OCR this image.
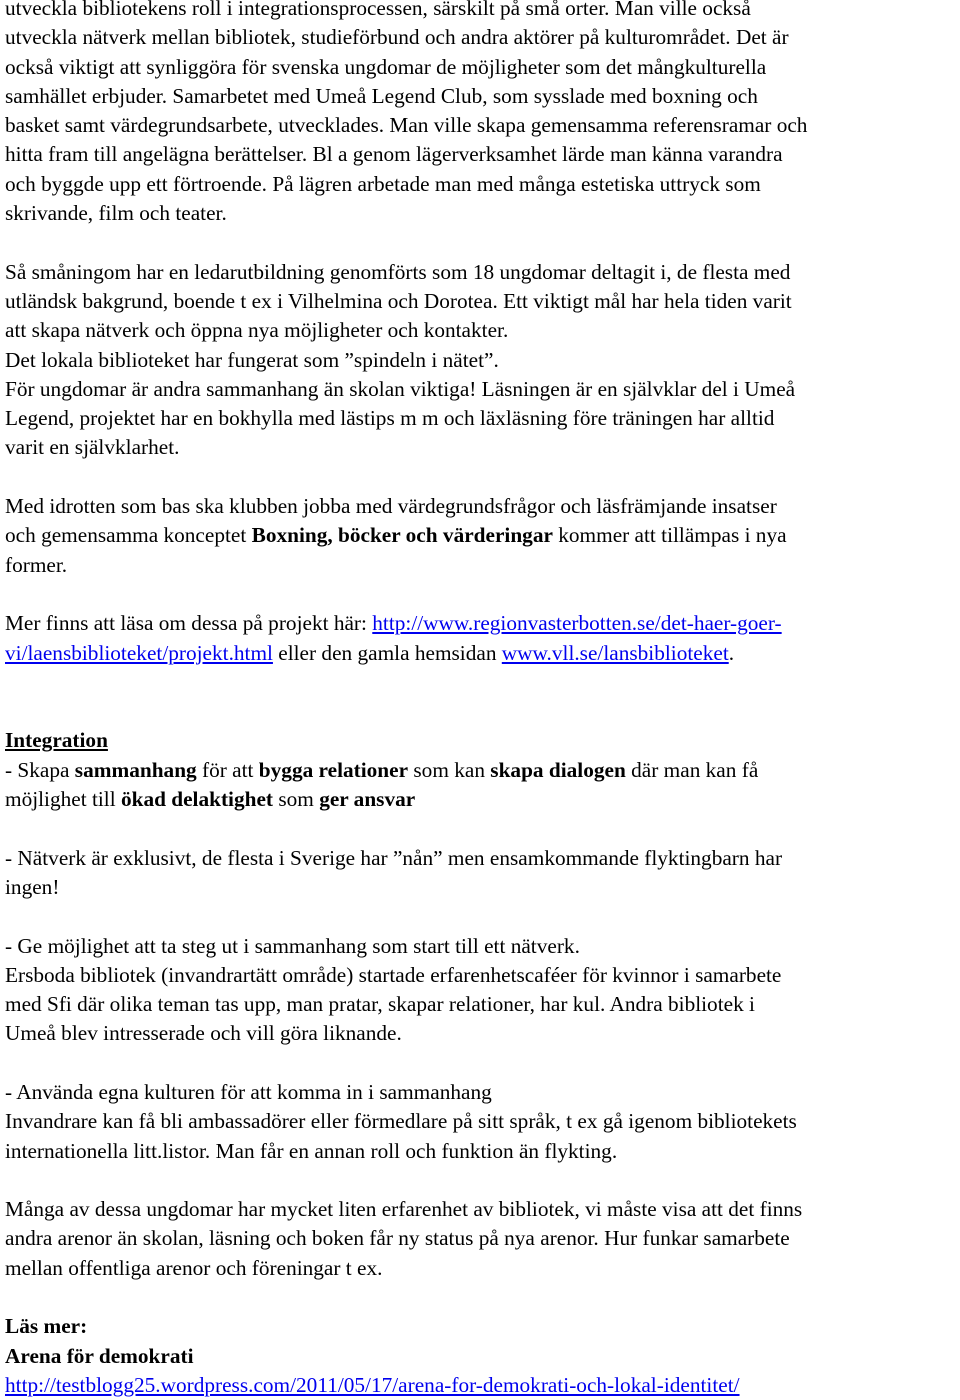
utveckla bibliotekens roll i integrationsprocessen, särskilt på små orter. Man ville också
utveckla nätverk mellan bibliotek, studieförbund och andra aktörer på kulturområdet. Det är
också viktigt att synliggöra för svenska ungdomar de möjligheter som det mångkulturella
samhället erbjuder. Samarbetet med Umeå Legend Club, som sysslade med boxning och
basket samt värdegrundsarbete, utvecklades. Man ville skapa gemensamma referensramar och
hitta fram till angelägna berättelser. Bl a genom lägerverksamhet lärde man känna varandra
och byggde upp ett förtroende. På lägren arbetade man med många estetiska uttryck som
skrivande, film och teater.
Så småningom har en ledarutbildning genomförts som 18 ungdomar deltagit i, de flesta med
utländsk bakgrund, boende t ex i Vilhelmina och Dorotea. Ett viktigt mål har hela tiden varit
att skapa nätverk och öppna nya möjligheter och kontakter.
Det lokala biblioteket har fungerat som ”spindeln i nätet”.
För ungdomar är andra sammanhang än skolan viktiga! Läsningen är en självklar del i Umeå
Legend, projektet har en bokhylla med lästips m m och läxläsning före träningen har alltid
varit en självklarhet.
Med idrotten som bas ska klubben jobba med värdegrundsfrågor och läsfrämjande insatser
och gemensamma konceptet Boxning, böcker och värderingar kommer att tillämpas i nya
former.
Mer finns att läsa om dessa på projekt här: http://www.regionvasterbotten.se/det-haer-goer-
vi/laensbiblioteket/projekt.html eller den gamla hemsidan www.vll.se/lansbiblioteket.
Integration
- Skapa sammanhang för att bygga relationer som kan skapa dialogen där man kan få
möjlighet till ökad delaktighet som ger ansvar
- Nätverk är exklusivt, de flesta i Sverige har ”nån” men ensamkommande flyktingbarn har
ingen!
- Ge möjlighet att ta steg ut i sammanhang som start till ett nätverk.
Ersboda bibliotek (invandrartätt område) startade erfarenhetscaféer för kvinnor i samarbete
med Sfi där olika teman tas upp, man pratar, skapar relationer, har kul. Andra bibliotek i
Umeå blev intresserade och vill göra liknande.
- Använda egna kulturen för att komma in i sammanhang
Invandrare kan få bli ambassadörer eller förmedlare på sitt språk, t ex gå igenom bibliotekets
internationella litt.listor. Man får en annan roll och funktion än flykting.
Många av dessa ungdomar har mycket liten erfarenhet av bibliotek, vi måste visa att det finns
andra arenor än skolan, läsning och boken får ny status på nya arenor. Hur funkar samarbete
mellan offentliga arenor och föreningar t ex.
Läs mer:
Arena för demokrati
http://testblogg25.wordpress.com/2011/05/17/arena-for-demokrati-och-lokal-identitet/
